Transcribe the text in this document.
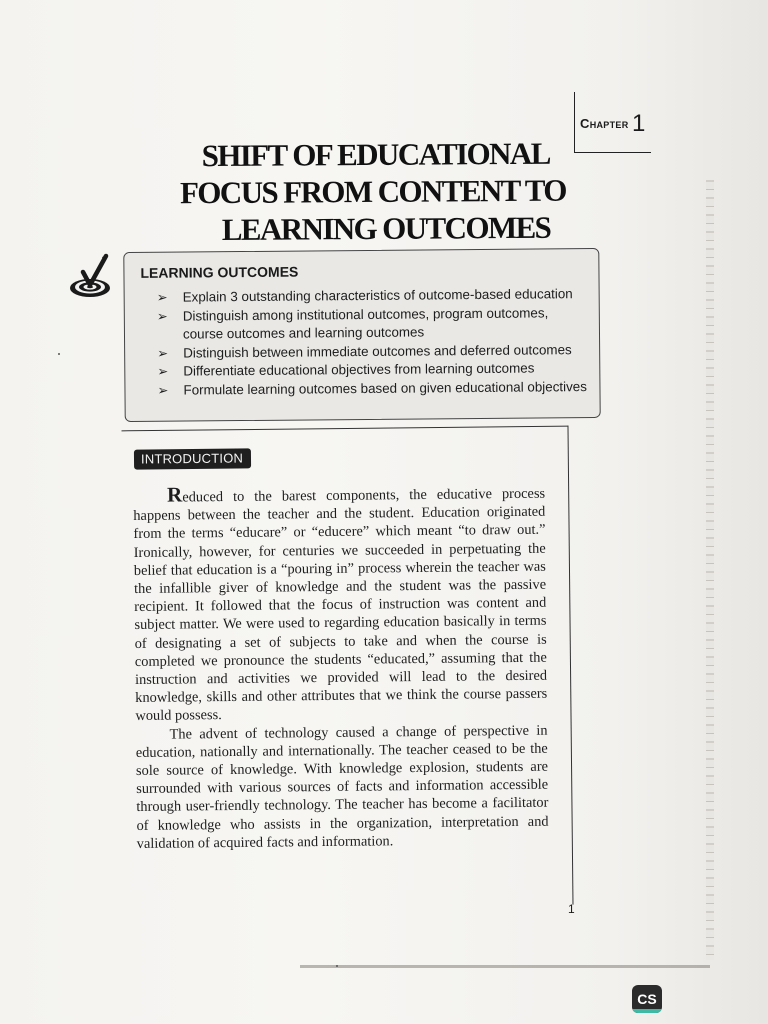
Chapter 1
SHIFT OF EDUCATIONAL
FOCUS FROM CONTENT TO
LEARNING OUTCOMES
LEARNING OUTCOMES
➢ Explain 3 outstanding characteristics of outcome-based education
➢ Distinguish among institutional outcomes, program outcomes, course outcomes and learning outcomes
➢ Distinguish between immediate outcomes and deferred outcomes
➢ Differentiate educational objectives from learning outcomes
➢ Formulate learning outcomes based on given educational objectives
INTRODUCTION

Reduced to the barest components, the educative process happens between the teacher and the student. Education originated from the terms “educare” or “educere” which meant “to draw out.” Ironically, however, for centuries we succeeded in perpetuating the belief that education is a “pouring in” process wherein the teacher was the infallible giver of knowledge and the student was the passive recipient. It followed that the focus of instruction was content and subject matter. We were used to regarding education basically in terms of designating a set of subjects to take and when the course is completed we pronounce the students “educated,” assuming that the instruction and activities we provided will lead to the desired knowledge, skills and other attributes that we think the course passers would possess.

The advent of technology caused a change of perspective in education, nationally and internationally. The teacher ceased to be the sole source of knowledge. With knowledge explosion, students are surrounded with various sources of facts and information accessible through user-friendly technology. The teacher has become a facilitator of knowledge who assists in the organization, interpretation and validation of acquired facts and information.

1
CS
